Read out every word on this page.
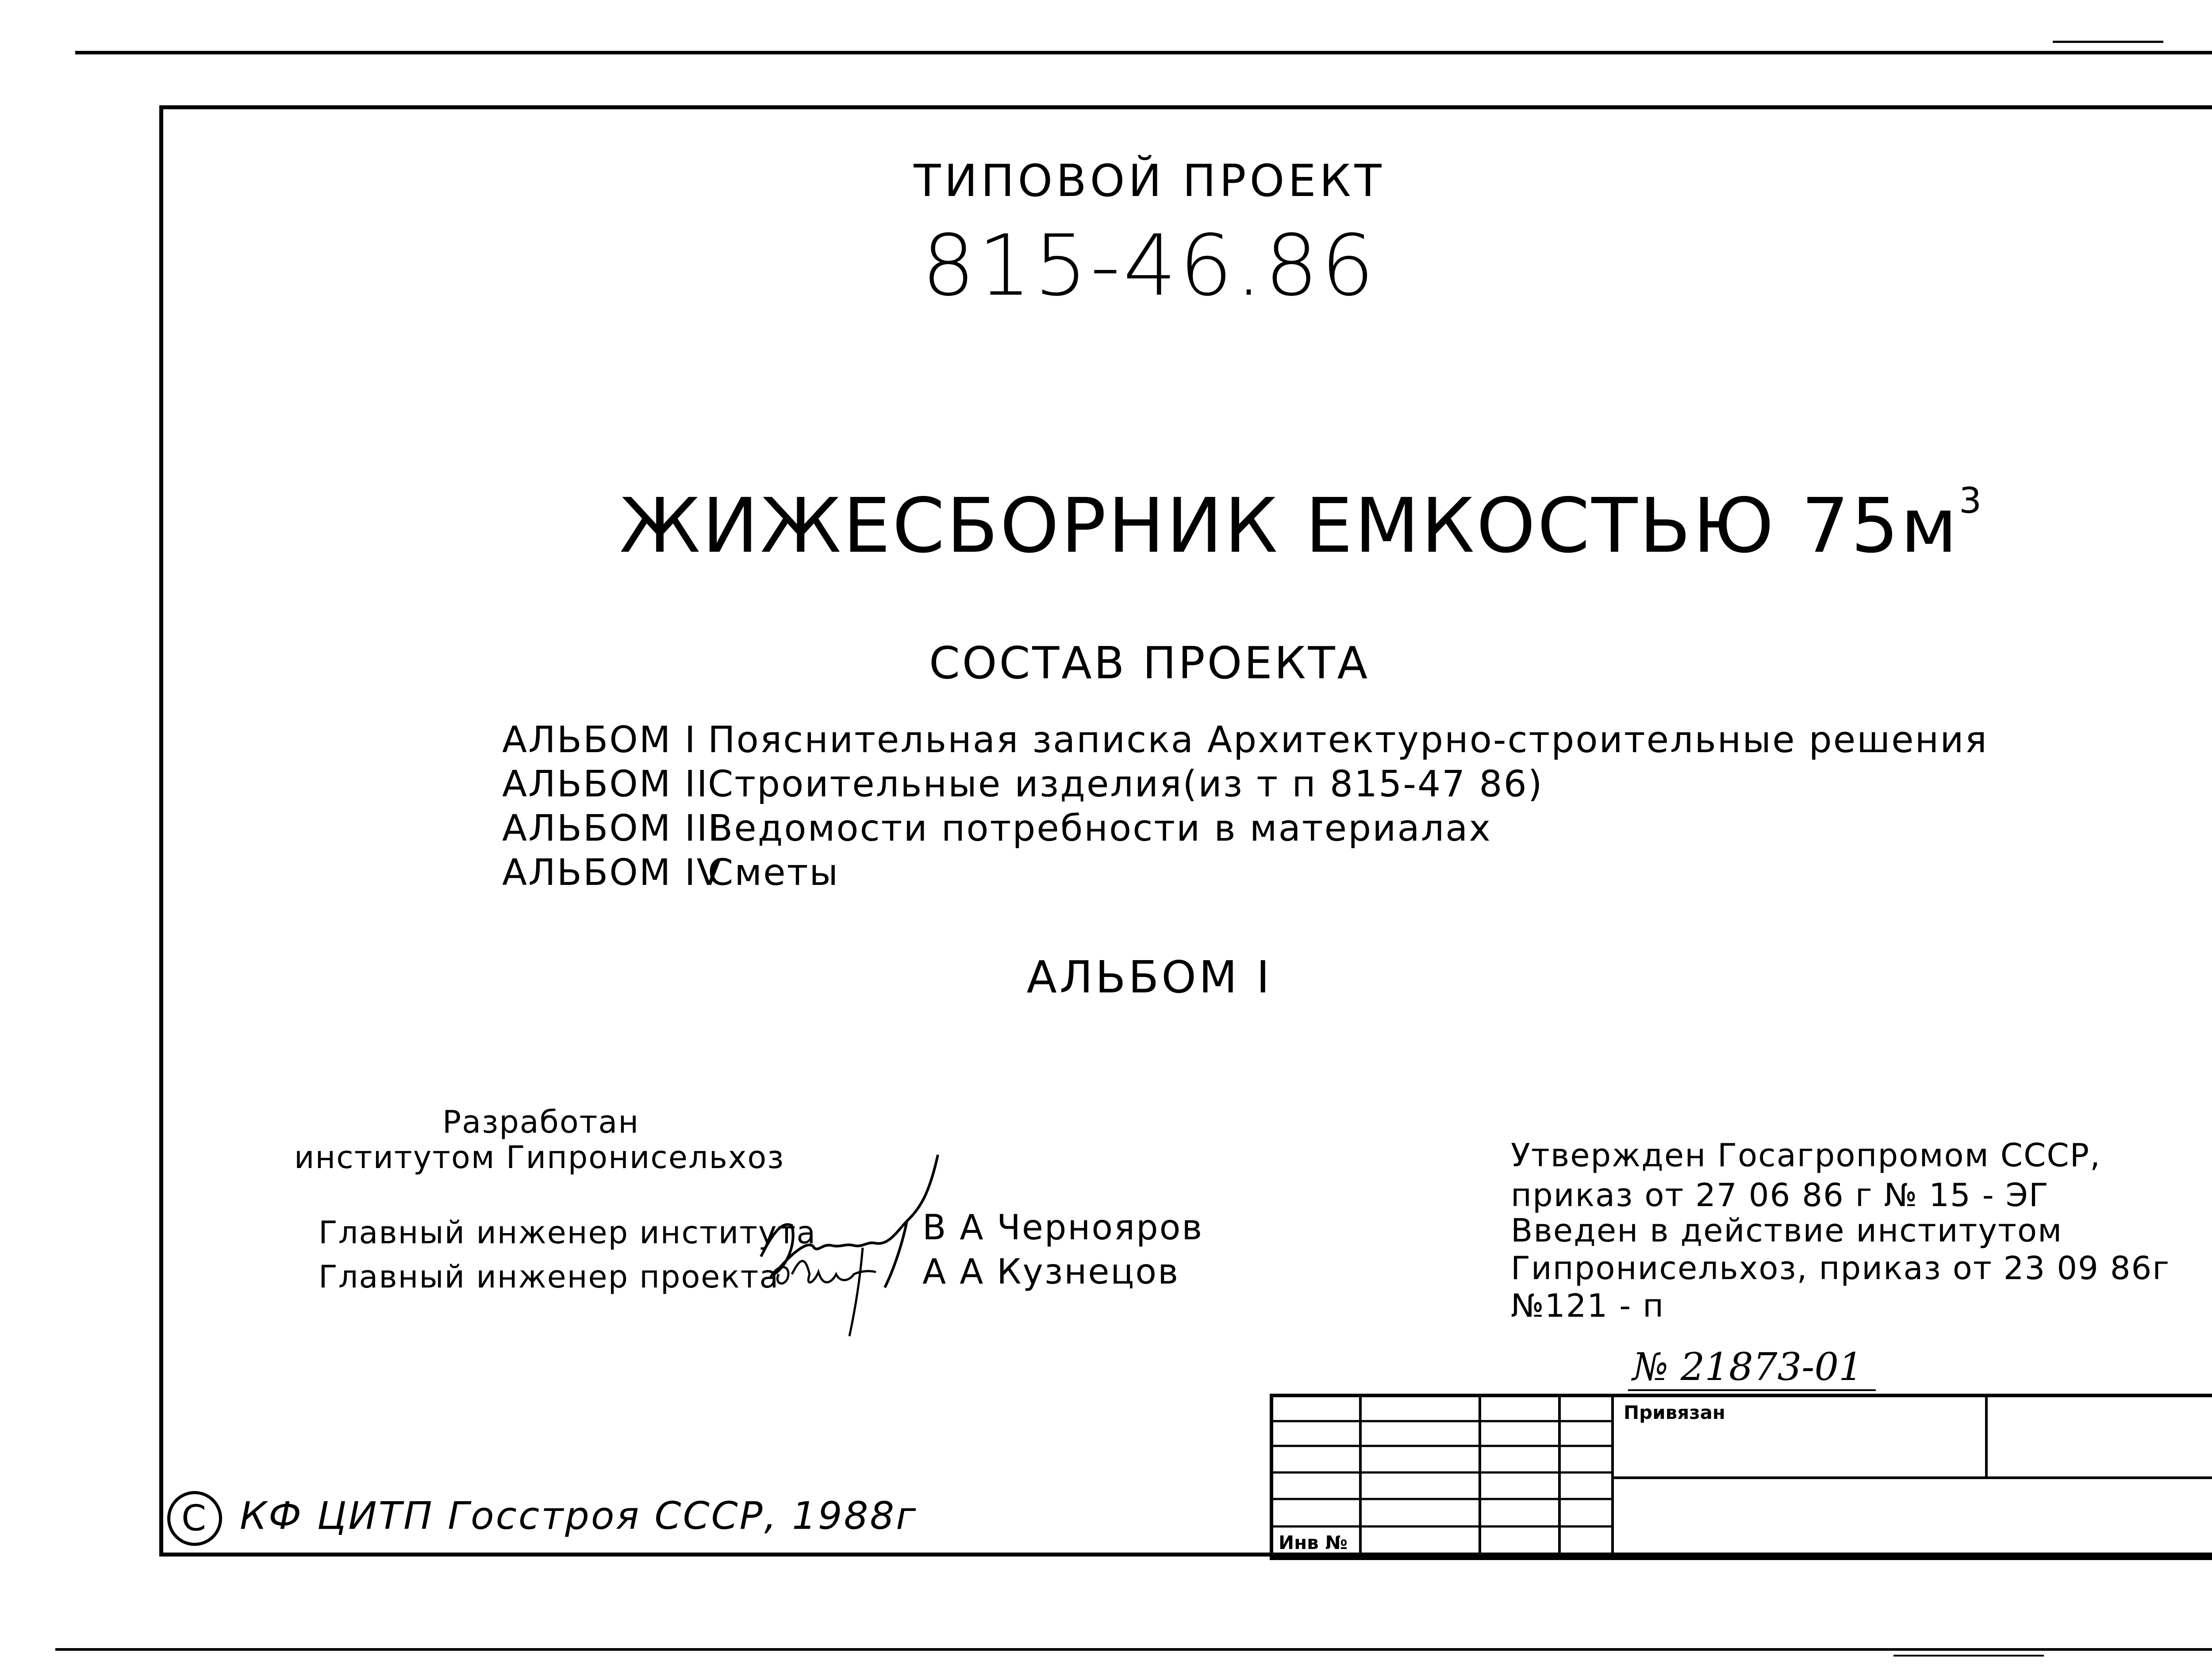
ТИПОВОЙ ПРОЕКТ
815-46.86
ЖИЖЕСБОРНИК ЕМКОСТЬЮ $75м^3$
СОСТАВ ПРОЕКТА
АЛЬБОМ I Пояснительная записка Архитектурно-строительные решения
АЛЬБОМ IIСтроительные изделия(из т п 815-47 86)
АЛЬБОМ IIIВедомости потребности в материалах
АЛЬБОМ IVСметы
АЛЬБОМ I
Разработан
институтом Гипронисельхоз
Главный инженер института
Главный инженер проекта
В А Чернояров
А А Кузнецов
Утвержден Госагропромом СССР,
приказ от 27 06 86 г № 15 - ЭГ
Введен в действие институтом
Гипронисельхоз, приказ от 23 09 86г
№121 - п
№ 21873-01
Привязан
Инв №
С КФ ЦИТП Госстроя СССР, 1988г
